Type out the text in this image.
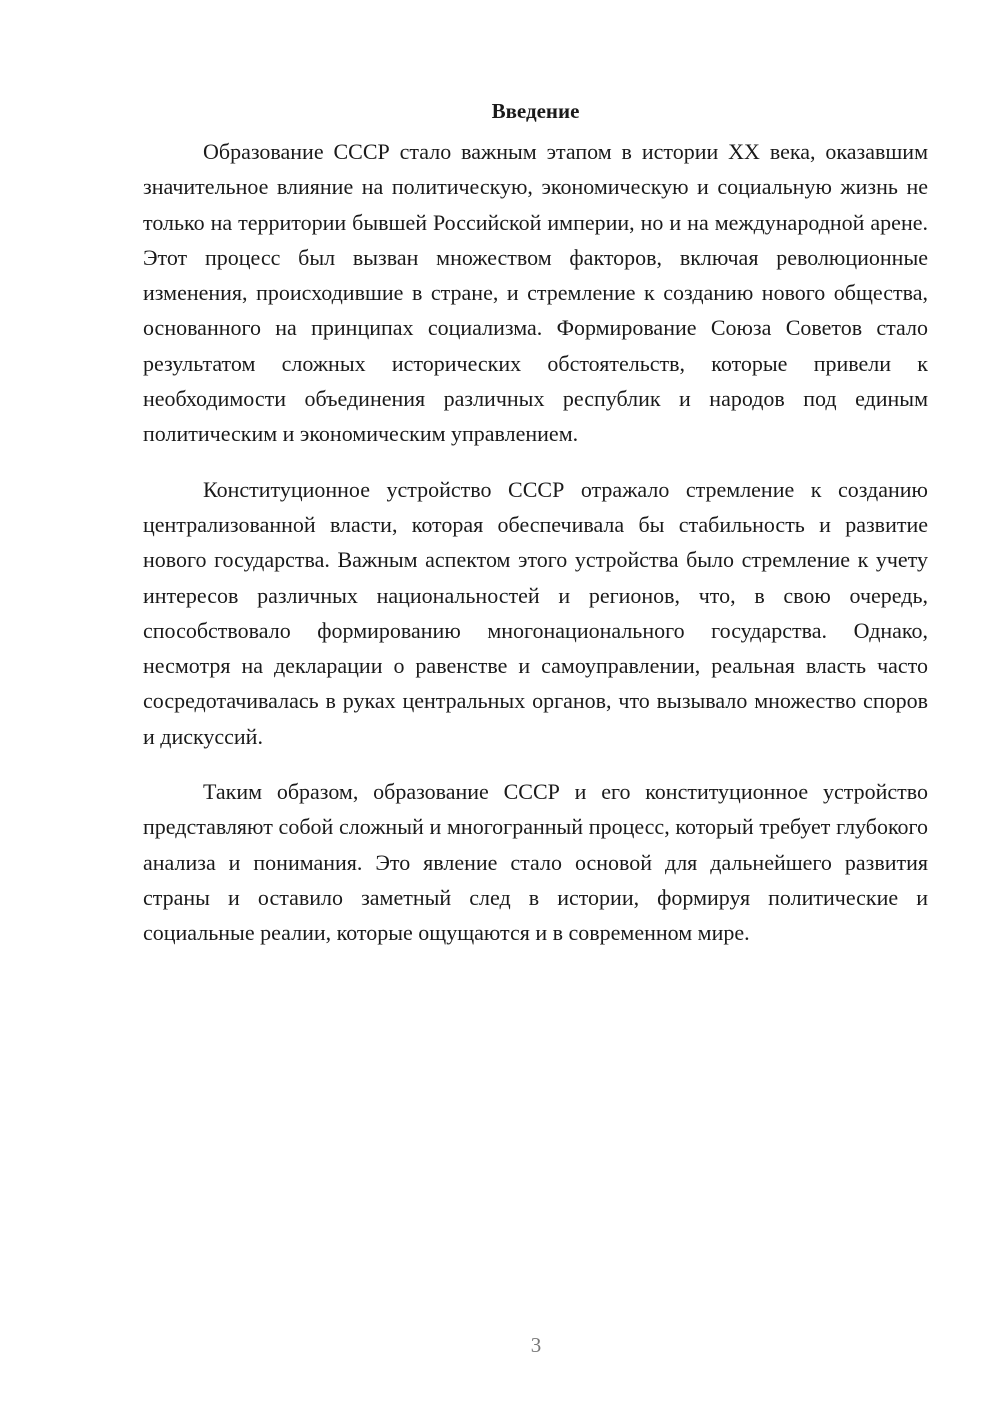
Введение

Образование СССР стало важным этапом в истории XX века, оказавшим значительное влияние на политическую, экономическую и социальную жизнь не только на территории бывшей Российской империи, но и на международной арене. Этот процесс был вызван множеством факторов, включая революционные изменения, происходившие в стране, и стремление к созданию нового общества, основанного на принципах социализма. Формирование Союза Советов стало результатом сложных исторических обстоятельств, которые привели к необходимости объединения различных республик и народов под единым политическим и экономическим управлением.

Конституционное устройство СССР отражало стремление к созданию централизованной власти, которая обеспечивала бы стабильность и развитие нового государства. Важным аспектом этого устройства было стремление к учету интересов различных национальностей и регионов, что, в свою очередь, способствовало формированию многонационального государства. Однако, несмотря на декларации о равенстве и самоуправлении, реальная власть часто сосредотачивалась в руках центральных органов, что вызывало множество споров и дискуссий.

Таким образом, образование СССР и его конституционное устройство представляют собой сложный и многогранный процесс, который требует глубокого анализа и понимания. Это явление стало основой для дальнейшего развития страны и оставило заметный след в истории, формируя политические и социальные реалии, которые ощущаются и в современном мире.

3
